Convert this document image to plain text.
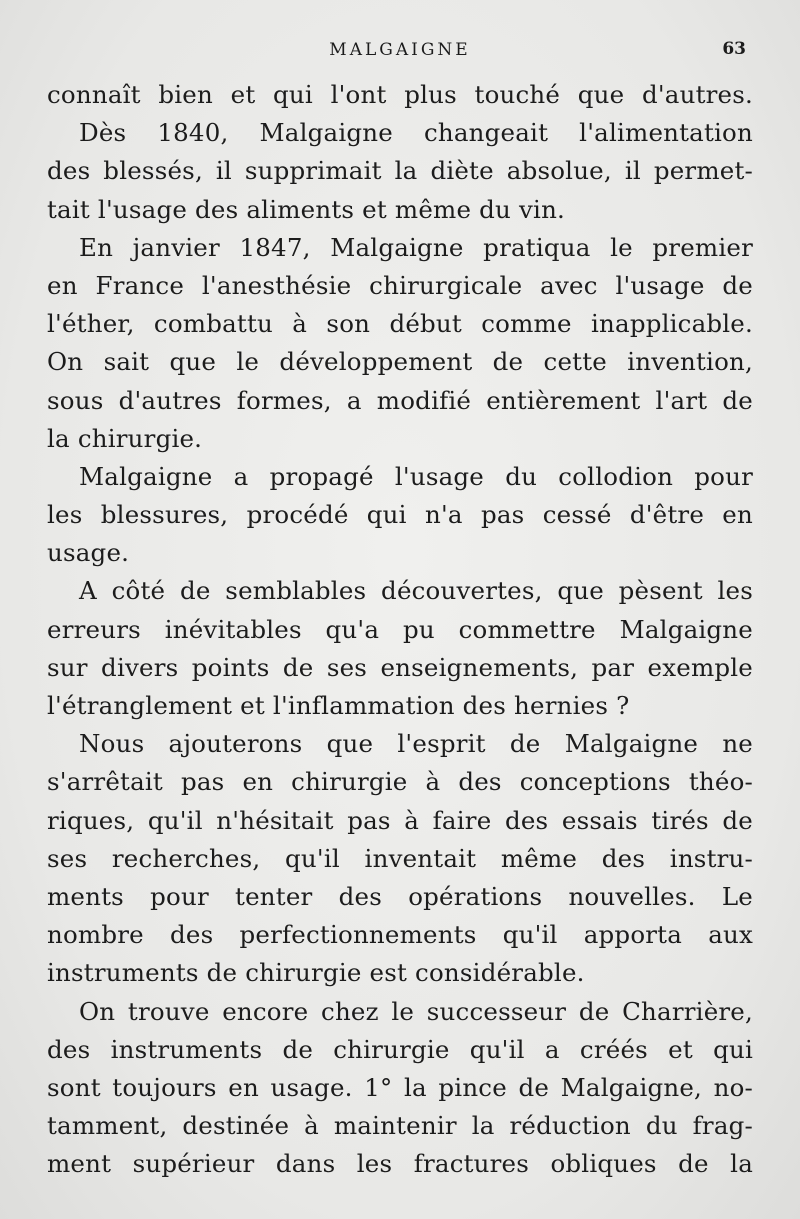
MALGAIGNE	63
connaît bien et qui l'ont plus touché que d'autres.
Dès 1840, Malgaigne changeait l'alimentation
des blessés, il supprimait la diète absolue, il permet-
tait l'usage des aliments et même du vin.
En janvier 1847, Malgaigne pratiqua le premier
en France l'anesthésie chirurgicale avec l'usage de
l'éther, combattu à son début comme inapplicable.
On sait que le développement de cette invention,
sous d'autres formes, a modifié entièrement l'art de
la chirurgie.
Malgaigne a propagé l'usage du collodion pour
les blessures, procédé qui n'a pas cessé d'être en
usage.
A côté de semblables découvertes, que pèsent les
erreurs inévitables qu'a pu commettre Malgaigne
sur divers points de ses enseignements, par exemple
l'étranglement et l'inflammation des hernies ?
Nous ajouterons que l'esprit de Malgaigne ne
s'arrêtait pas en chirurgie à des conceptions théo-
riques, qu'il n'hésitait pas à faire des essais tirés de
ses recherches, qu'il inventait même des instru-
ments pour tenter des opérations nouvelles. Le
nombre des perfectionnements qu'il apporta aux
instruments de chirurgie est considérable.
On trouve encore chez le successeur de Charrière,
des instruments de chirurgie qu'il a créés et qui
sont toujours en usage. 1° la pince de Malgaigne, no-
tamment, destinée à maintenir la réduction du frag-
ment supérieur dans les fractures obliques de la
